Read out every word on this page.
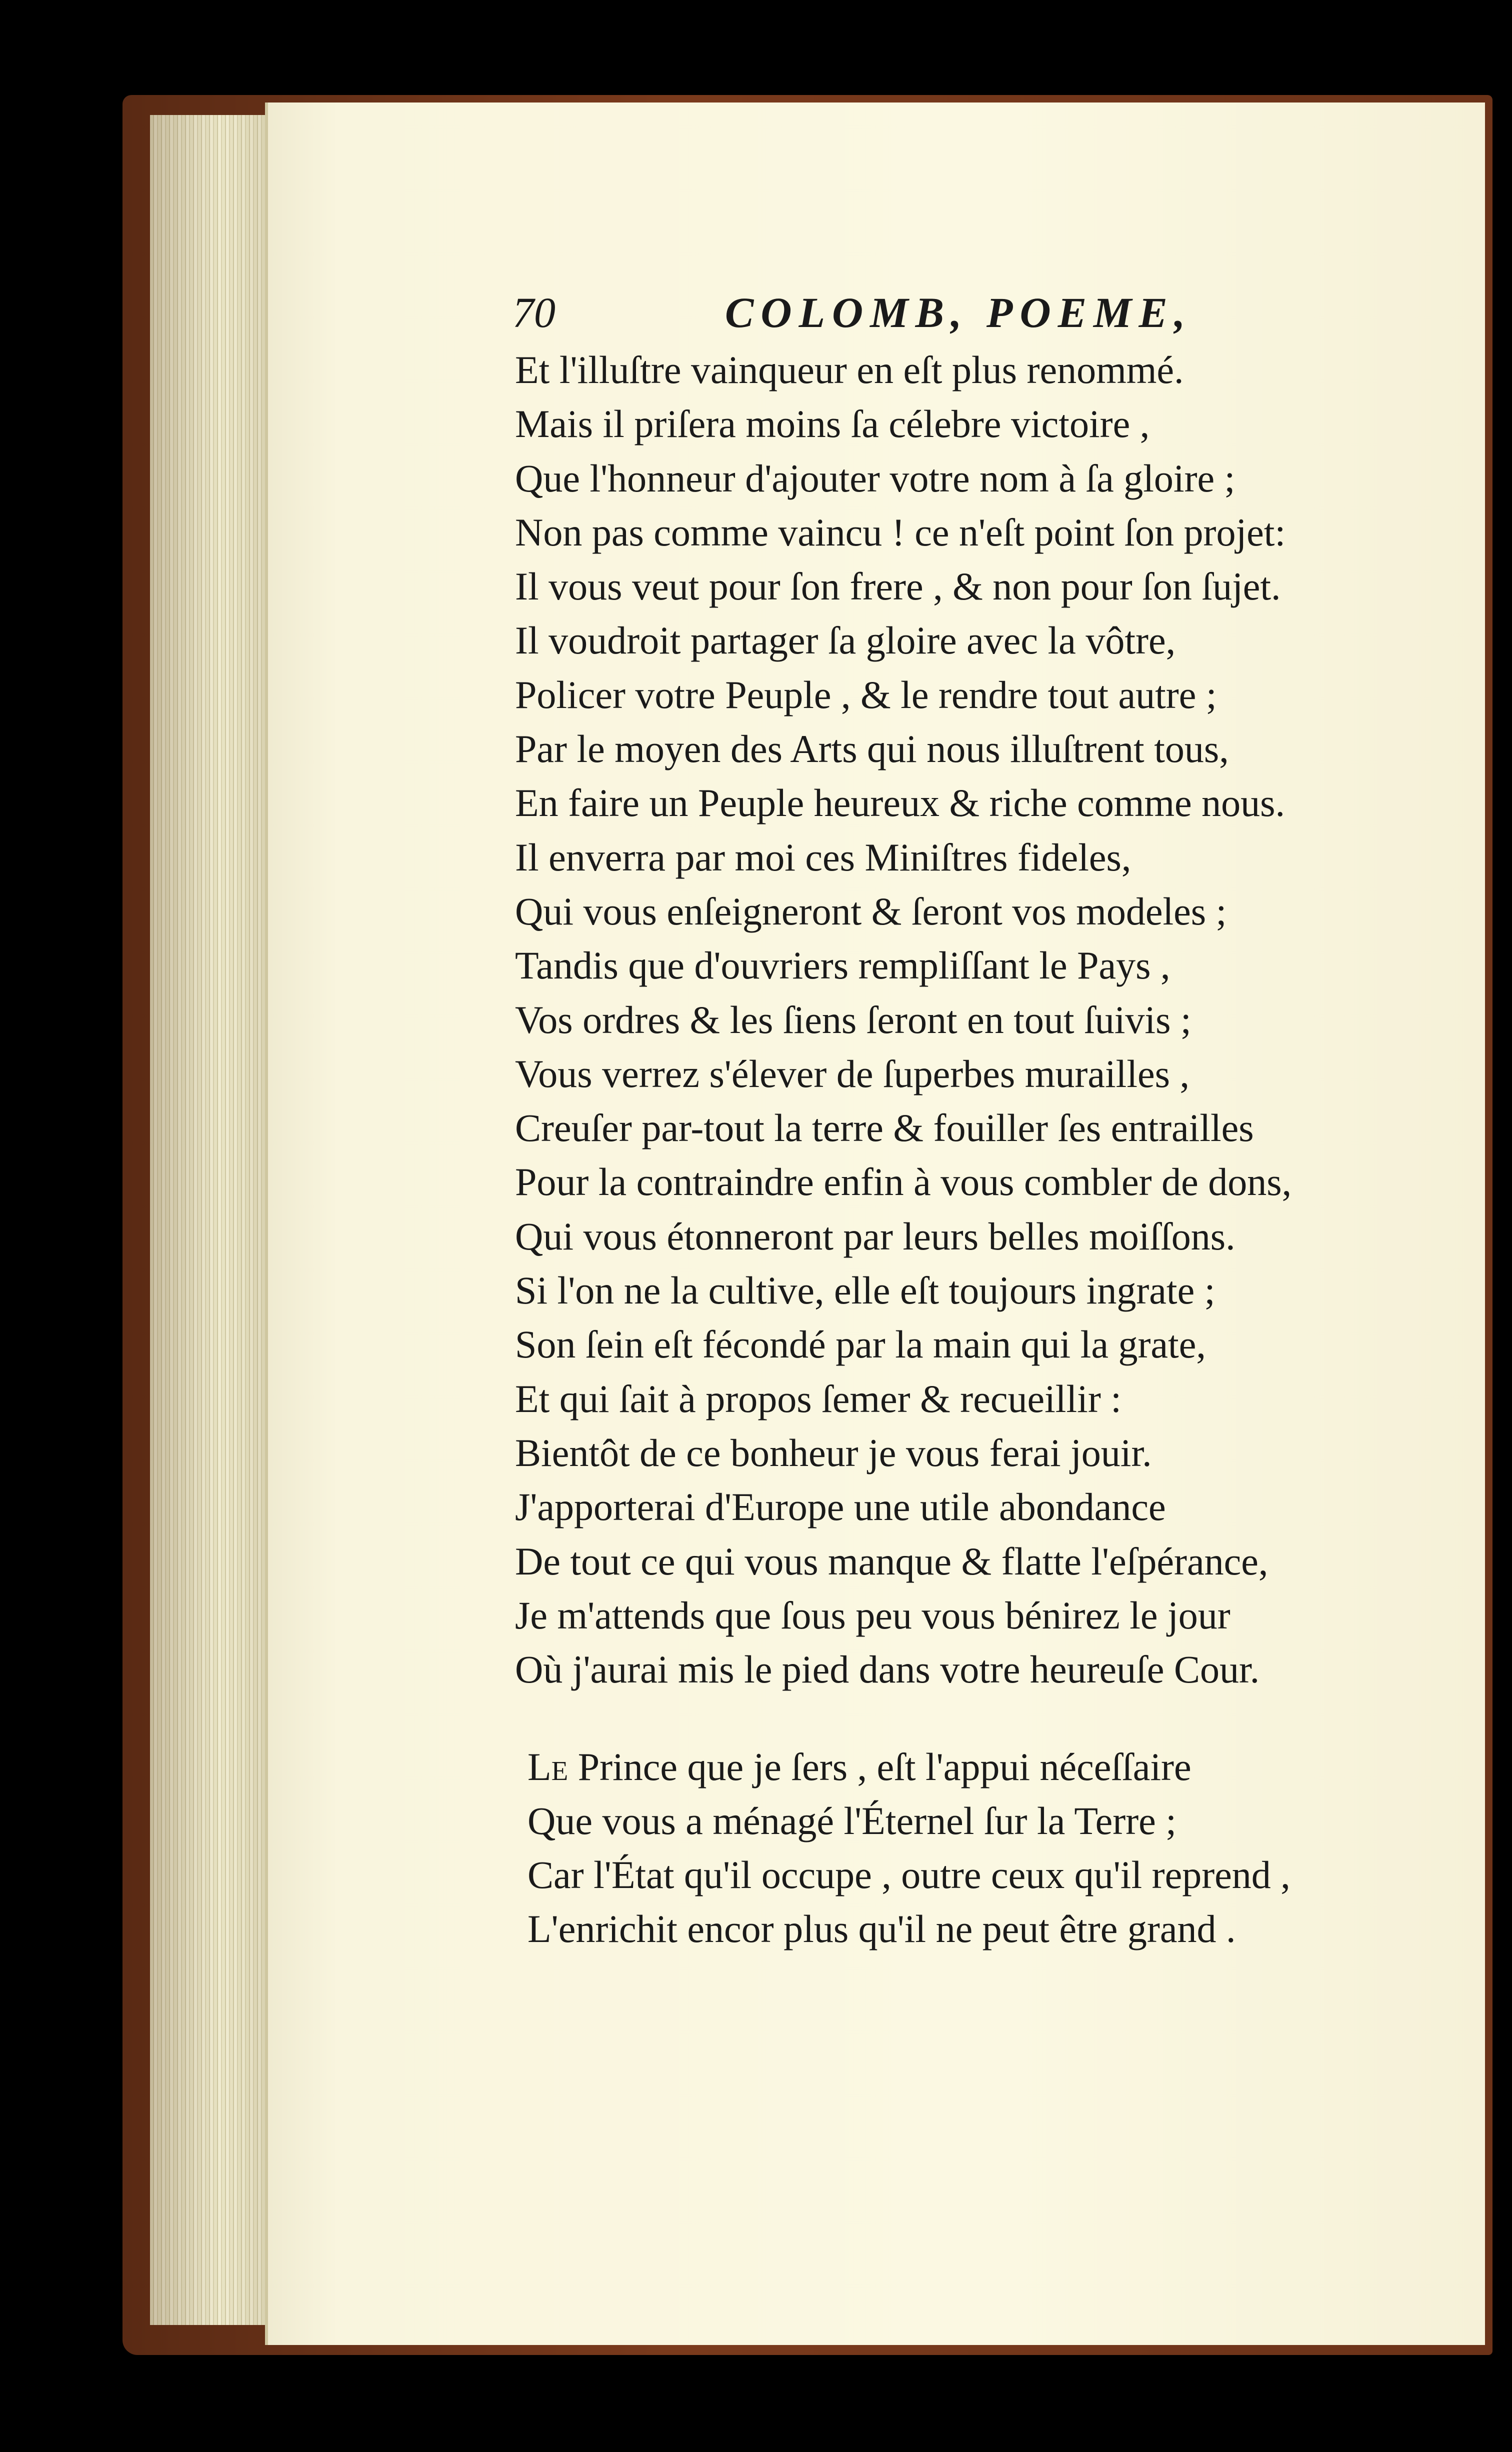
70	COLOMB, POEME,
Et l'illuſtre vainqueur en eſt plus renommé.
Mais il priſera moins ſa célebre victoire ,
Que l'honneur d'ajouter votre nom à ſa gloire ;
Non pas comme vaincu ! ce n'eſt point ſon projet:
Il vous veut pour ſon frere , & non pour ſon ſujet.
Il voudroit partager ſa gloire avec la vôtre,
Policer votre Peuple , & le rendre tout autre ;
Par le moyen des Arts qui nous illuſtrent tous,
En faire un Peuple heureux & riche comme nous.
Il enverra par moi ces Miniſtres fideles,
Qui vous enſeigneront & ſeront vos modeles ;
Tandis que d'ouvriers rempliſſant le Pays ,
Vos ordres & les ſiens ſeront en tout ſuivis ;
Vous verrez s'élever de ſuperbes murailles ,
Creuſer par-tout la terre & fouiller ſes entrailles
Pour la contraindre enfin à vous combler de dons,
Qui vous étonneront par leurs belles moiſſons.
Si l'on ne la cultive, elle eſt toujours ingrate ;
Son ſein eſt fécondé par la main qui la grate,
Et qui ſait à propos ſemer & recueillir :
Bientôt de ce bonheur je vous ferai jouir.
J'apporterai d'Europe une utile abondance
De tout ce qui vous manque & flatte l'eſpérance,
Je m'attends que ſous peu vous bénirez le jour
Où j'aurai mis le pied dans votre heureuſe Cour.
Le Prince que je ſers , eſt l'appui néceſſaire
Que vous a ménagé l'Éternel ſur la Terre ;
Car l'État qu'il occupe , outre ceux qu'il reprend ,
L'enrichit encor plus qu'il ne peut être grand .
